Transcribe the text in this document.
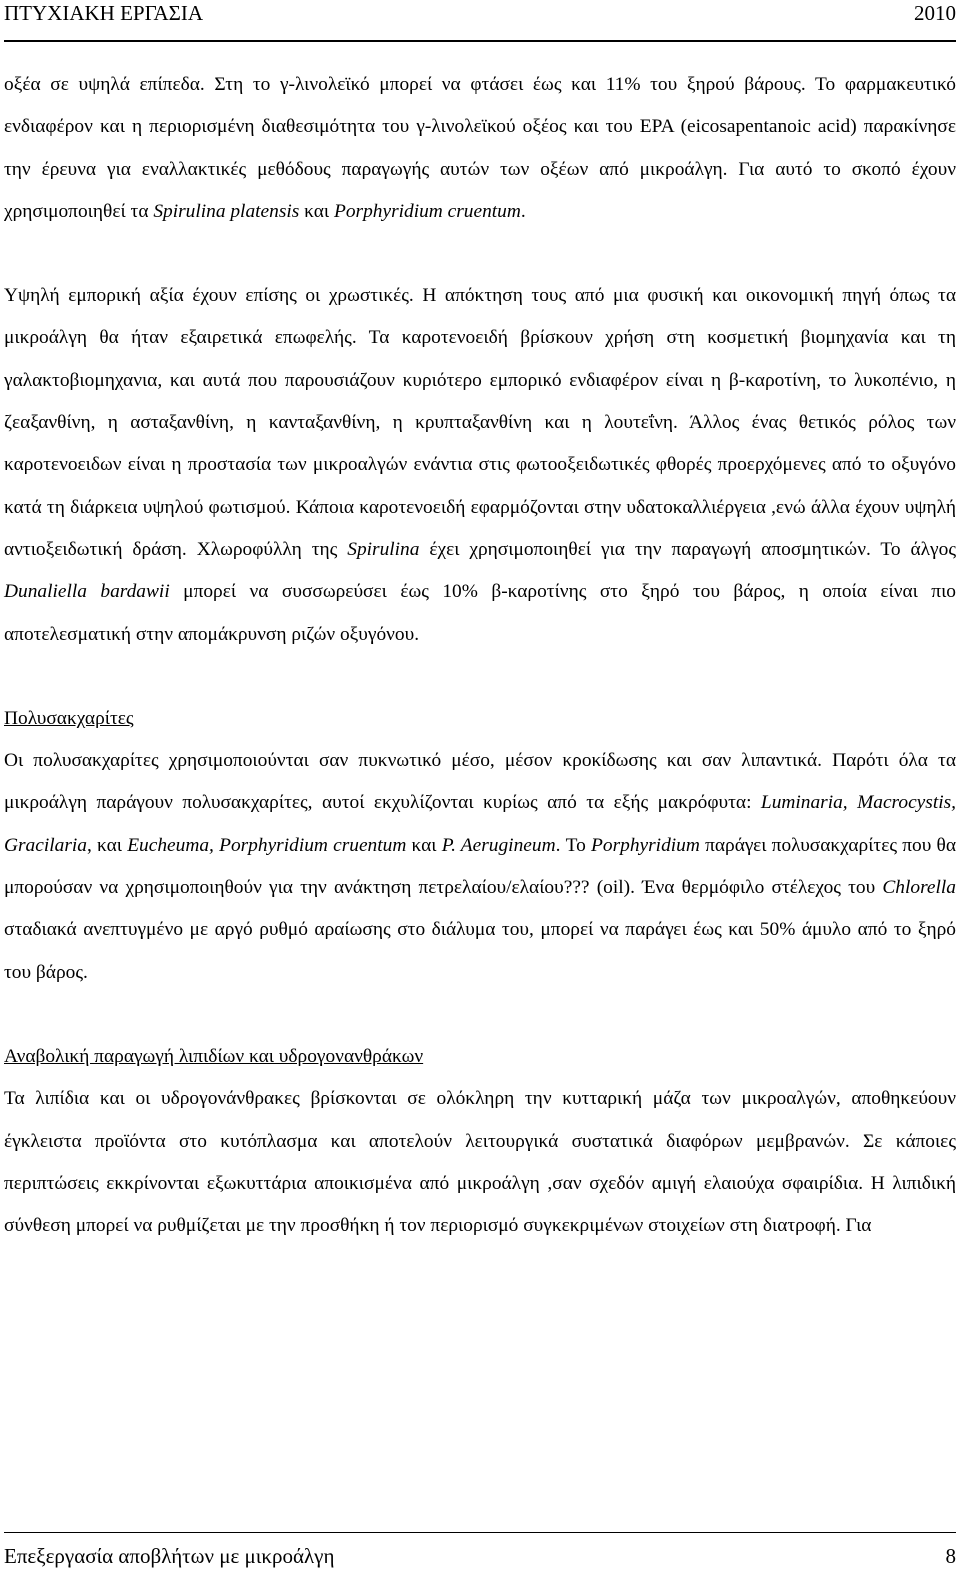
ΠΤΥΧΙΑΚΗ ΕΡΓΑΣΙΑ	2010

οξέα σε υψηλά επίπεδα. Στη το γ-λινολεϊκό μπορεί να φτάσει έως και 11% του ξηρού βάρους. Το φαρμακευτικό ενδιαφέρον και η περιορισμένη διαθεσιμότητα του γ-λινολεϊκού οξέος και του EPA (eicosapentanoic acid) παρακίνησε την έρευνα για εναλλακτικές μεθόδους παραγωγής αυτών των οξέων από μικροάλγη. Για αυτό το σκοπό έχουν χρησιμοποιηθεί τα Spirulina platensis και Porphyridium cruentum.

Υψηλή εμπορική αξία έχουν επίσης οι χρωστικές. Η απόκτηση τους από μια φυσική και οικονομική πηγή όπως τα μικροάλγη θα ήταν εξαιρετικά επωφελής. Τα καροτενοειδή βρίσκουν χρήση στη κοσμετική βιομηχανία και τη γαλακτοβιομηχανια, και αυτά που παρουσιάζουν κυριότερο εμπορικό ενδιαφέρον είναι η β-καροτίνη, το λυκοπένιο, η ζεαξανθίνη, η ασταξανθίνη, η κανταξανθίνη, η κρυπταξανθίνη και η λουτεΐνη. Άλλος ένας θετικός ρόλος των καροτενοειδων είναι η προστασία των μικροαλγών ενάντια στις φωτοοξειδωτικές φθορές προερχόμενες από το οξυγόνο κατά τη διάρκεια υψηλού φωτισμού. Κάποια καροτενοειδή εφαρμόζονται στην υδατοκαλλιέργεια ,ενώ άλλα έχουν υψηλή αντιοξειδωτική δράση. Χλωροφύλλη της Spirulina έχει χρησιμοποιηθεί για την παραγωγή αποσμητικών. Το άλγος Dunaliella bardawii μπορεί να συσσωρεύσει έως 10% β-καροτίνης στο ξηρό του βάρος, η οποία είναι πιο αποτελεσματική στην απομάκρυνση ριζών οξυγόνου.

Πολυσακχαρίτες

Οι πολυσακχαρίτες χρησιμοποιούνται σαν πυκνωτικό μέσο, μέσον κροκίδωσης και σαν λιπαντικά. Παρότι όλα τα μικροάλγη παράγουν πολυσακχαρίτες, αυτοί εκχυλίζονται κυρίως από τα εξής μακρόφυτα: Luminaria, Macrocystis, Gracilaria, και Eucheuma, Porphyridium cruentum και P. Aerugineum. Το Porphyridium παράγει πολυσακχαρίτες που θα μπορούσαν να χρησιμοποιηθούν για την ανάκτηση πετρελαίου/ελαίου??? (oil). Ένα θερμόφιλο στέλεχος του Chlorella σταδιακά ανεπτυγμένο με αργό ρυθμό αραίωσης στο διάλυμα του, μπορεί να παράγει έως και 50% άμυλο από το ξηρό του βάρος.

Αναβολική παραγωγή λιπιδίων και υδρογονανθράκων

Τα λιπίδια και οι υδρογονάνθρακες βρίσκονται σε ολόκληρη την κυτταρική μάζα των μικροαλγών, αποθηκεύουν έγκλειστα προϊόντα στο κυτόπλασμα και αποτελούν λειτουργικά συστατικά διαφόρων μεμβρανών. Σε κάποιες περιπτώσεις εκκρίνονται εξωκυττάρια αποικισμένα από μικροάλγη ,σαν σχεδόν αμιγή ελαιούχα σφαιρίδια. Η λιπιδική σύνθεση μπορεί να ρυθμίζεται με την προσθήκη ή τον περιορισμό συγκεκριμένων στοιχείων στη διατροφή. Για

Επεξεργασία αποβλήτων με μικροάλγη	8
